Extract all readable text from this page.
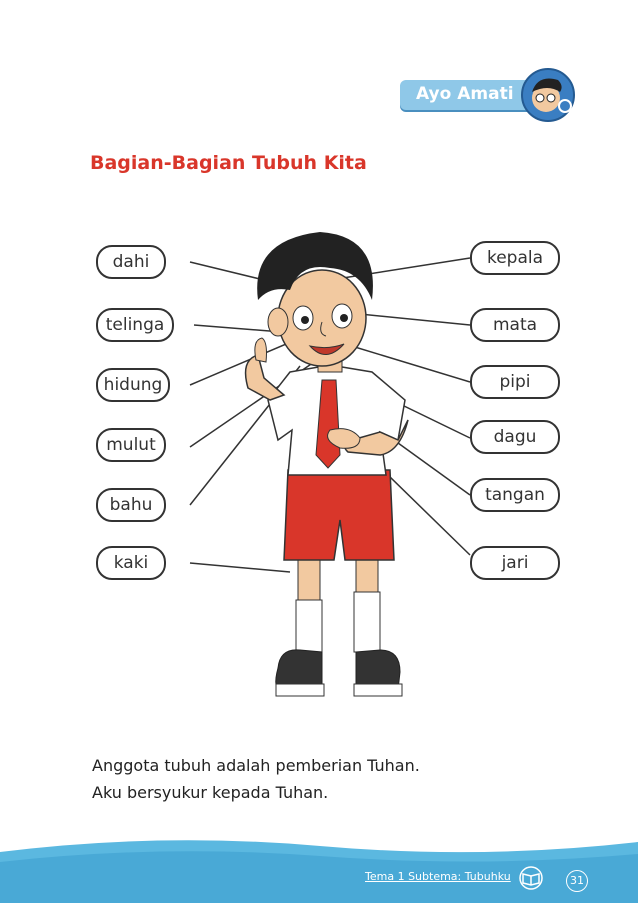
Ayo Amati
Bagian-Bagian Tubuh Kita
dahi
telinga
hidung
mulut
bahu
kaki
kepala
mata
pipi
dagu
tangan
jari
Anggota tubuh adalah pemberian Tuhan.
Aku bersyukur kepada Tuhan.
Tema 1 Subtema: Tubuhku	31
